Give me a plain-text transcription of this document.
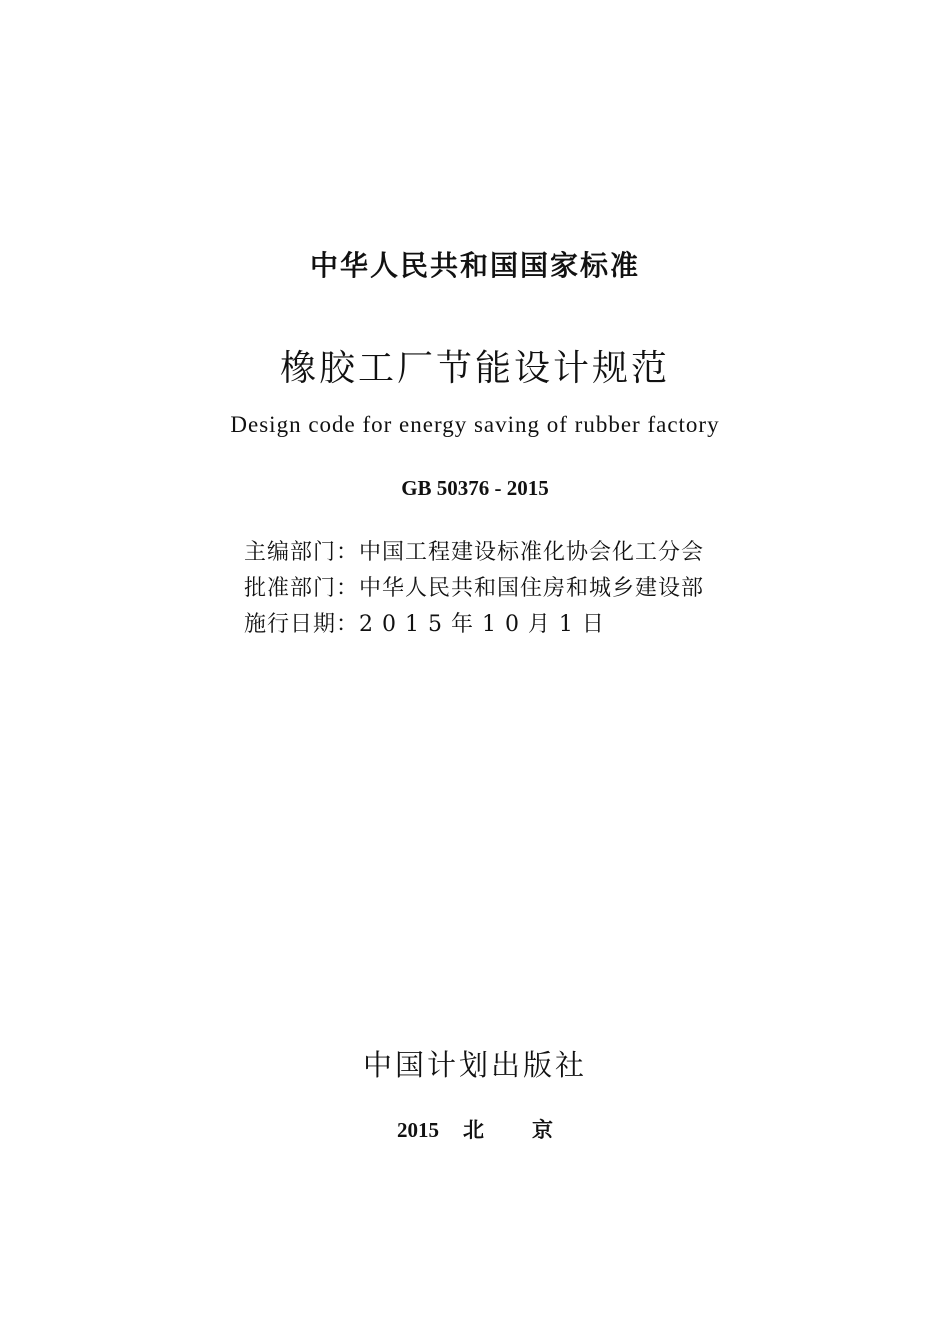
中华人民共和国国家标准
橡胶工厂节能设计规范
Design code for energy saving of rubber factory
GB 50376 - 2015
主编部门：中国工程建设标准化协会化工分会
批准部门：中华人民共和国住房和城乡建设部
施行日期：2 0 1 5 年 1 0 月 1 日
中国计划出版社
2015 北 京
